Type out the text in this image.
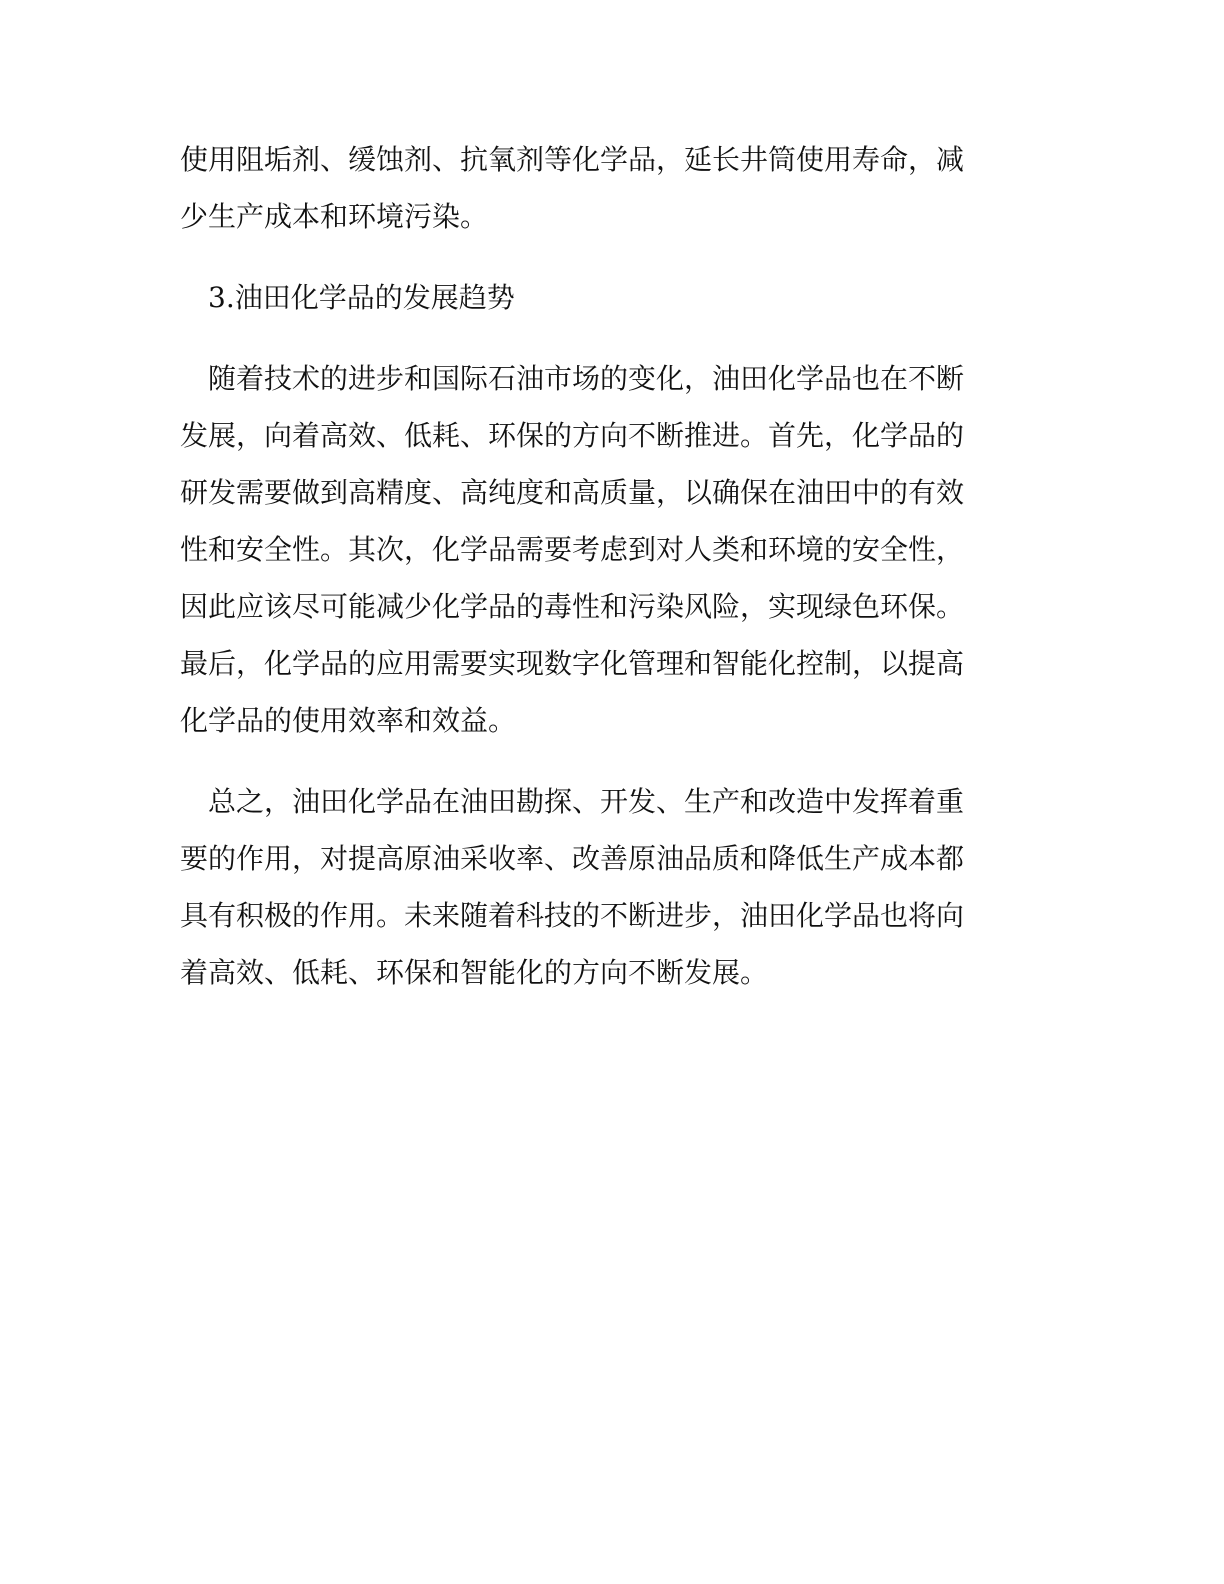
使用阻垢剂、缓蚀剂、抗氧剂等化学品，延长井筒使用寿命，减
少生产成本和环境污染。
　3.油田化学品的发展趋势
　随着技术的进步和国际石油市场的变化，油田化学品也在不断
发展，向着高效、低耗、环保的方向不断推进。首先，化学品的
研发需要做到高精度、高纯度和高质量，以确保在油田中的有效
性和安全性。其次，化学品需要考虑到对人类和环境的安全性，
因此应该尽可能减少化学品的毒性和污染风险，实现绿色环保。
最后，化学品的应用需要实现数字化管理和智能化控制，以提高
化学品的使用效率和效益。
　总之，油田化学品在油田勘探、开发、生产和改造中发挥着重
要的作用，对提高原油采收率、改善原油品质和降低生产成本都
具有积极的作用。未来随着科技的不断进步，油田化学品也将向
着高效、低耗、环保和智能化的方向不断发展。
